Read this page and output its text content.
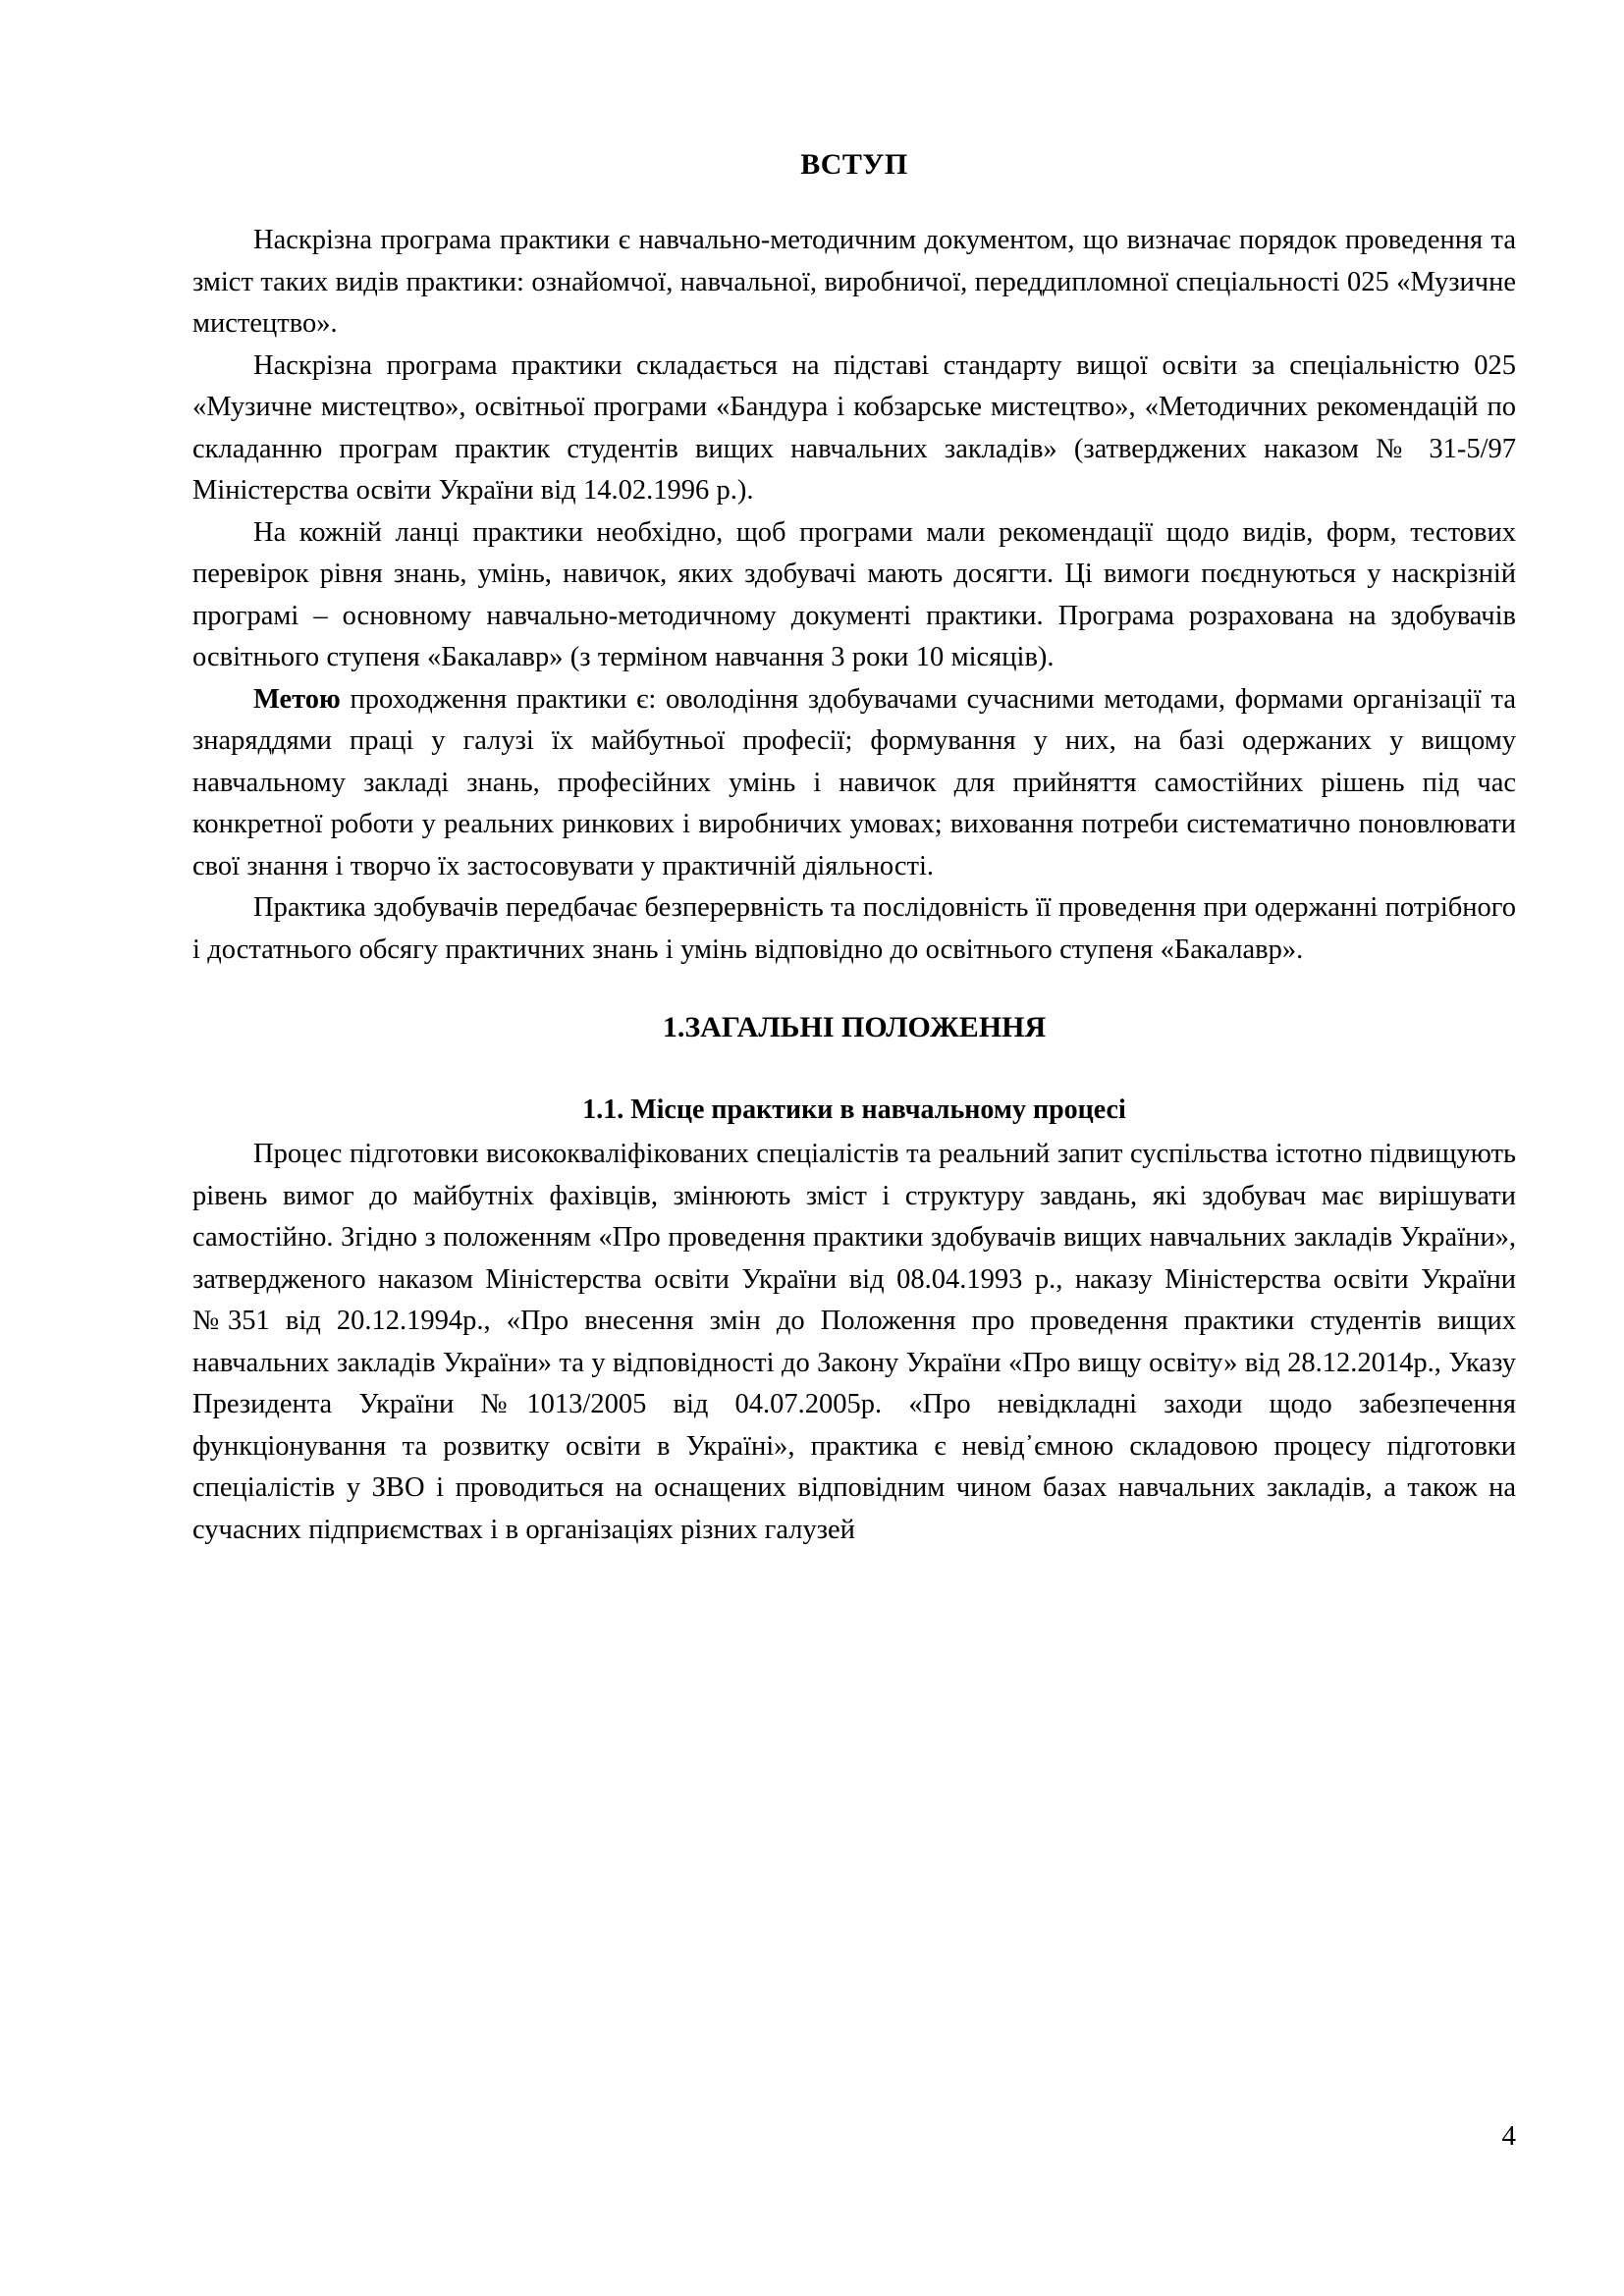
ВСТУП

Наскрізна програма практики є навчально-методичним документом, що визначає порядок проведення та зміст таких видів практики: ознайомчої, навчальної, виробничої, переддипломної спеціальності 025 «Музичне мистецтво».

Наскрізна програма практики складається на підставі стандарту вищої освіти за спеціальністю 025 «Музичне мистецтво», освітньої програми «Бандура і кобзарське мистецтво», «Методичних рекомендацій по складанню програм практик студентів вищих навчальних закладів» (затверджених наказом № 31-5/97 Міністерства освіти України від 14.02.1996 р.).

На кожній ланці практики необхідно, щоб програми мали рекомендації щодо видів, форм, тестових перевірок рівня знань, умінь, навичок, яких здобувачі мають досягти. Ці вимоги поєднуються у наскрізній програмі – основному навчально-методичному документі практики. Програма розрахована на здобувачів освітнього ступеня «Бакалавр» (з терміном навчання 3 роки 10 місяців).

Метою проходження практики є: оволодіння здобувачами сучасними методами, формами організації та знаряддями праці у галузі їх майбутньої професії; формування у них, на базі одержаних у вищому навчальному закладі знань, професійних умінь і навичок для прийняття самостійних рішень під час конкретної роботи у реальних ринкових і виробничих умовах; виховання потреби систематично поновлювати свої знання і творчо їх застосовувати у практичній діяльності.

Практика здобувачів передбачає безперервність та послідовність її проведення при одержанні потрібного і достатнього обсягу практичних знань і умінь відповідно до освітнього ступеня «Бакалавр».

1.ЗАГАЛЬНІ ПОЛОЖЕННЯ
1.1. Місце практики в навчальному процесі

Процес підготовки висококваліфікованих спеціалістів та реальний запит суспільства істотно підвищують рівень вимог до майбутніх фахівців, змінюють зміст і структуру завдань, які здобувач має вирішувати самостійно. Згідно з положенням «Про проведення практики здобувачів вищих навчальних закладів України», затвердженого наказом Міністерства освіти України від 08.04.1993 р., наказу Міністерства освіти України №351 від 20.12.1994р., «Про внесення змін до Положення про проведення практики студентів вищих навчальних закладів України» та у відповідності до Закону України «Про вищу освіту» від 28.12.2014р., Указу Президента України №1013/2005 від 04.07.2005р. «Про невідкладні заходи щодо забезпечення функціонування та розвитку освіти в Україні», практика є невід᾽ємною складовою процесу підготовки спеціалістів у ЗВО і проводиться на оснащених відповідним чином базах навчальних закладів, а також на сучасних підприємствах і в організаціях різних галузей

4
